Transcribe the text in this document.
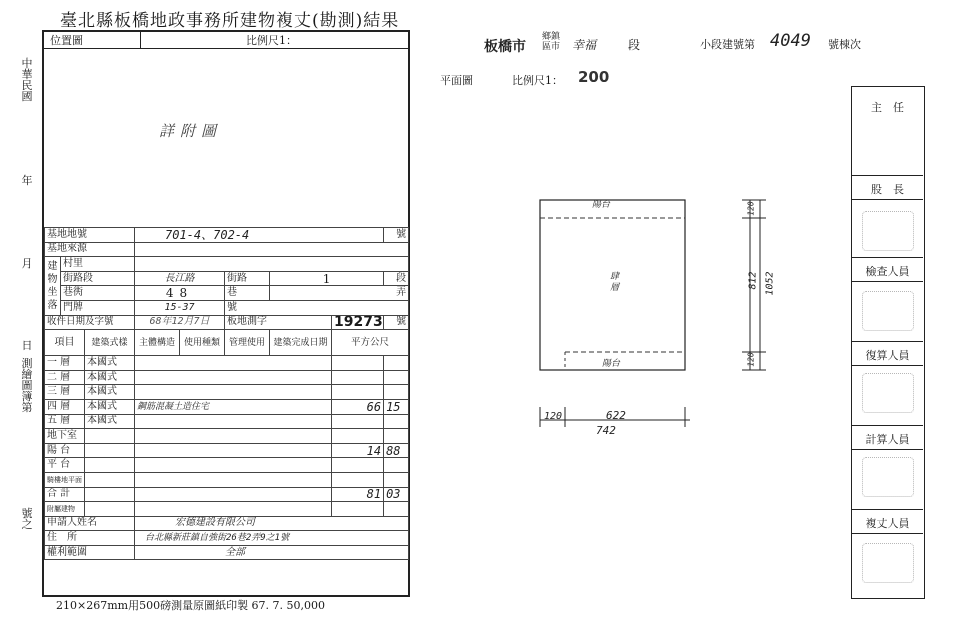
中華民國
年
月
日
測繪圖簿第
號之
臺北縣板橋地政事務所建物複丈(勘測)結果
位置圖	比例尺1：
詳附圖
基地地號			701-4、702-4					號
基地來源								
建物坐落	村里							
	街路段		長江路		街路	1		段
	巷衖		48		巷	弄		
	門牌		15-37		號			
收件日期及字號			68年12月7日		板地測字		19273	號
項目		建築式樣	主體構造	使用種類	管理使用	建築完成日期	平方公尺	
一 層		本國式						
二 層		本國式						
三 層		本國式						
四 層		本國式	鋼筋混凝土造住宅				66	15
五 層		本國式						
地下室								
陽 台							14	88
平 台								
騎樓地平面								
合 計							81	03
附屬建物								
申請人姓名			宏德建設有限公司					
住　所			台北縣新莊鎮自強街26巷2弄9之1號					
權利範圍			全部					
210×267mm用500磅測量原圖紙印製 67. 7. 50,000
板橋市
鄉鎮
區市 幸福	段	小段建號第 4049 號棟次
平面圖	比例尺1： 200
陽台
肆層
陽台
120	622
742
812 1052
120
120
主　任
股　長
檢查人員
復算人員
計算人員
複丈人員
